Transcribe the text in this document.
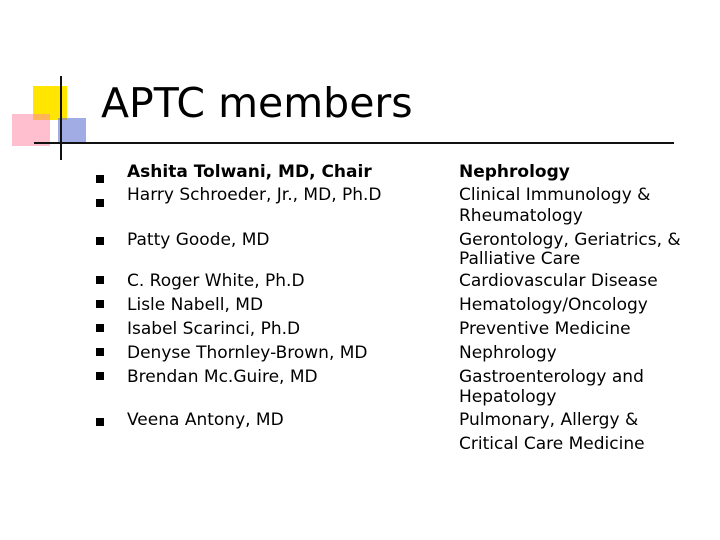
APTC members
Ashita Tolwani, MD, Chair
Harry Schroeder, Jr., MD, Ph.D
Patty Goode, MD
C. Roger White, Ph.D
Lisle Nabell, MD
Isabel Scarinci, Ph.D
Denyse Thornley-Brown, MD
Brendan Mc.Guire, MD
Veena Antony, MD
Nephrology
Clinical Immunology &
Rheumatology
Gerontology, Geriatrics, &
Palliative Care
Cardiovascular Disease
Hematology/Oncology
Preventive Medicine
Nephrology
Gastroenterology and
Hepatology
Pulmonary, Allergy &
Critical Care Medicine
